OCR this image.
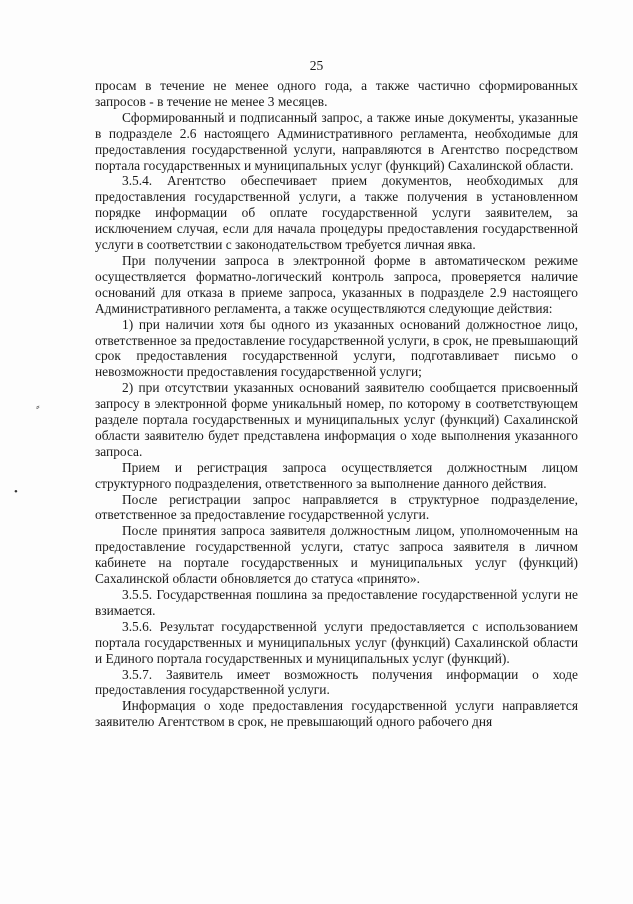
25

просам в течение не менее одного года, а также частично сформированных запросов - в течение не менее 3 месяцев.

Сформированный и подписанный запрос, а также иные документы, указанные в подразделе 2.6 настоящего Административного регламента, необходимые для предоставления государственной услуги, направляются в Агентство посредством портала государственных и муниципальных услуг (функций) Сахалинской области.

3.5.4. Агентство обеспечивает прием документов, необходимых для предоставления государственной услуги, а также получения в установленном порядке информации об оплате государственной услуги заявителем, за исключением случая, если для начала процедуры предоставления государственной услуги в соответствии с законодательством требуется личная явка.

При получении запроса в электронной форме в автоматическом режиме осуществляется форматно-логический контроль запроса, проверяется наличие оснований для отказа в приеме запроса, указанных в подразделе 2.9 настоящего Административного регламента, а также осуществляются следующие действия:

1) при наличии хотя бы одного из указанных оснований должностное лицо, ответственное за предоставление государственной услуги, в срок, не превышающий срок предоставления государственной услуги, подготавливает письмо о невозможности предоставления государственной услуги;

2) при отсутствии указанных оснований заявителю сообщается присвоенный запросу в электронной форме уникальный номер, по которому в соответствующем разделе портала государственных и муниципальных услуг (функций) Сахалинской области заявителю будет представлена информация о ходе выполнения указанного запроса.

Прием и регистрация запроса осуществляется должностным лицом структурного подразделения, ответственного за выполнение данного действия.

После регистрации запрос направляется в структурное подразделение, ответственное за предоставление государственной услуги.

После принятия запроса заявителя должностным лицом, уполномоченным на предоставление государственной услуги, статус запроса заявителя в личном кабинете на портале государственных и муниципальных услуг (функций) Сахалинской области обновляется до статуса «принято».

3.5.5. Государственная пошлина за предоставление государственной услуги не взимается.

3.5.6. Результат государственной услуги предоставляется с использованием портала государственных и муниципальных услуг (функций) Сахалинской области и Единого портала государственных и муниципальных услуг (функций).

3.5.7. Заявитель имеет возможность получения информации о ходе предоставления государственной услуги.

Информация о ходе предоставления государственной услуги направляется заявителю Агентством в срок, не превышающий одного рабочего дня

⸗
•
